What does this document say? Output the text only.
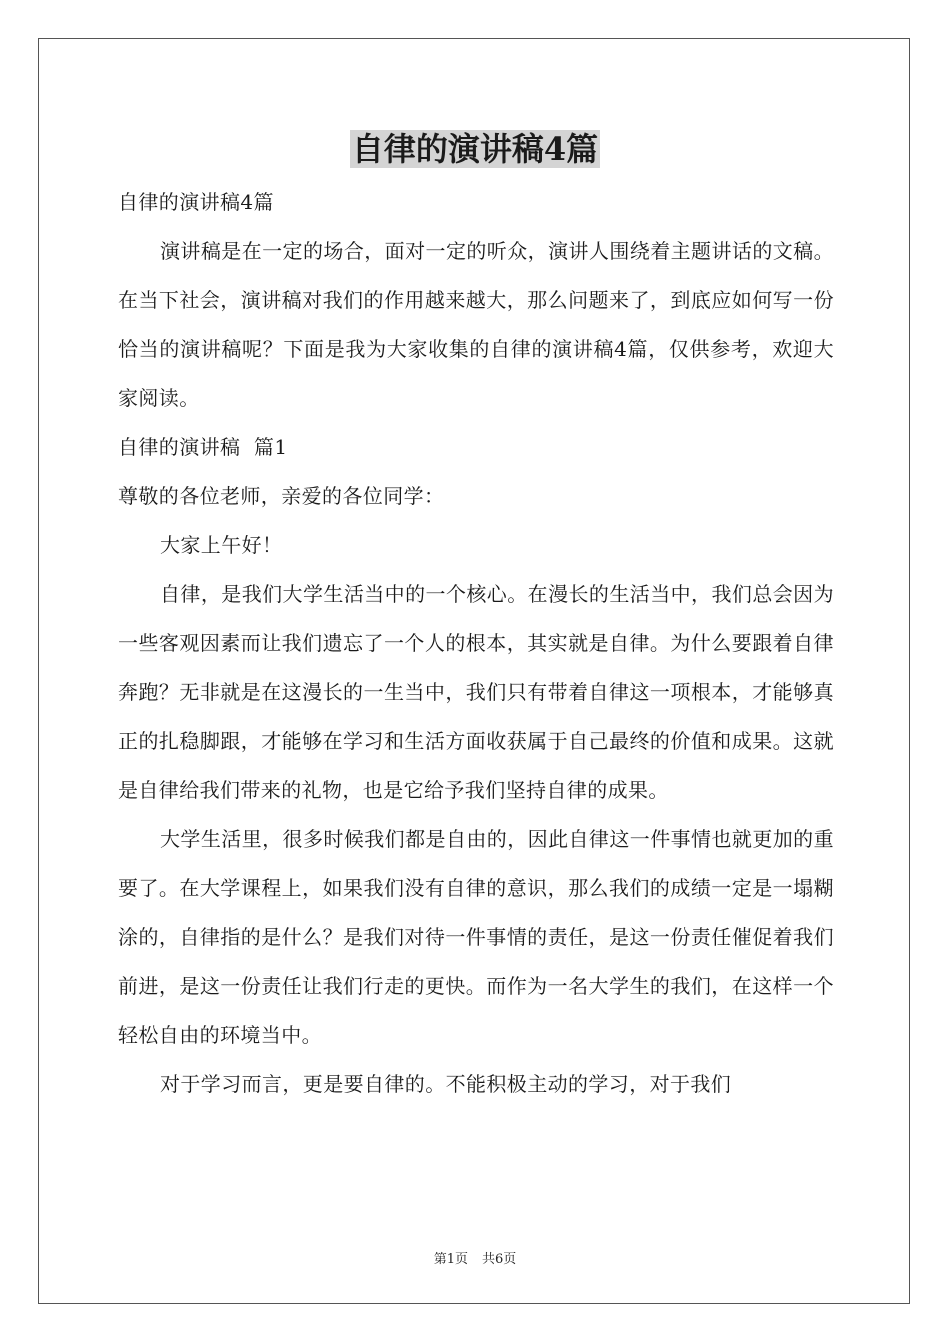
自律的演讲稿4篇

自律的演讲稿4篇

演讲稿是在一定的场合，面对一定的听众，演讲人围绕着主题讲话的文稿。在当下社会，演讲稿对我们的作用越来越大，那么问题来了，到底应如何写一份恰当的演讲稿呢？下面是我为大家收集的自律的演讲稿4篇，仅供参考，欢迎大家阅读。

自律的演讲稿  篇1

尊敬的各位老师，亲爱的各位同学：

大家上午好！

自律，是我们大学生活当中的一个核心。在漫长的生活当中，我们总会因为一些客观因素而让我们遗忘了一个人的根本，其实就是自律。为什么要跟着自律奔跑？无非就是在这漫长的一生当中，我们只有带着自律这一项根本，才能够真正的扎稳脚跟，才能够在学习和生活方面收获属于自己最终的价值和成果。这就是自律给我们带来的礼物，也是它给予我们坚持自律的成果。

大学生活里，很多时候我们都是自由的，因此自律这一件事情也就更加的重要了。在大学课程上，如果我们没有自律的意识，那么我们的成绩一定是一塌糊涂的，自律指的是什么？是我们对待一件事情的责任，是这一份责任催促着我们前进，是这一份责任让我们行走的更快。而作为一名大学生的我们，在这样一个轻松自由的环境当中。

对于学习而言，更是要自律的。不能积极主动的学习，对于我们

第1页 共6页
